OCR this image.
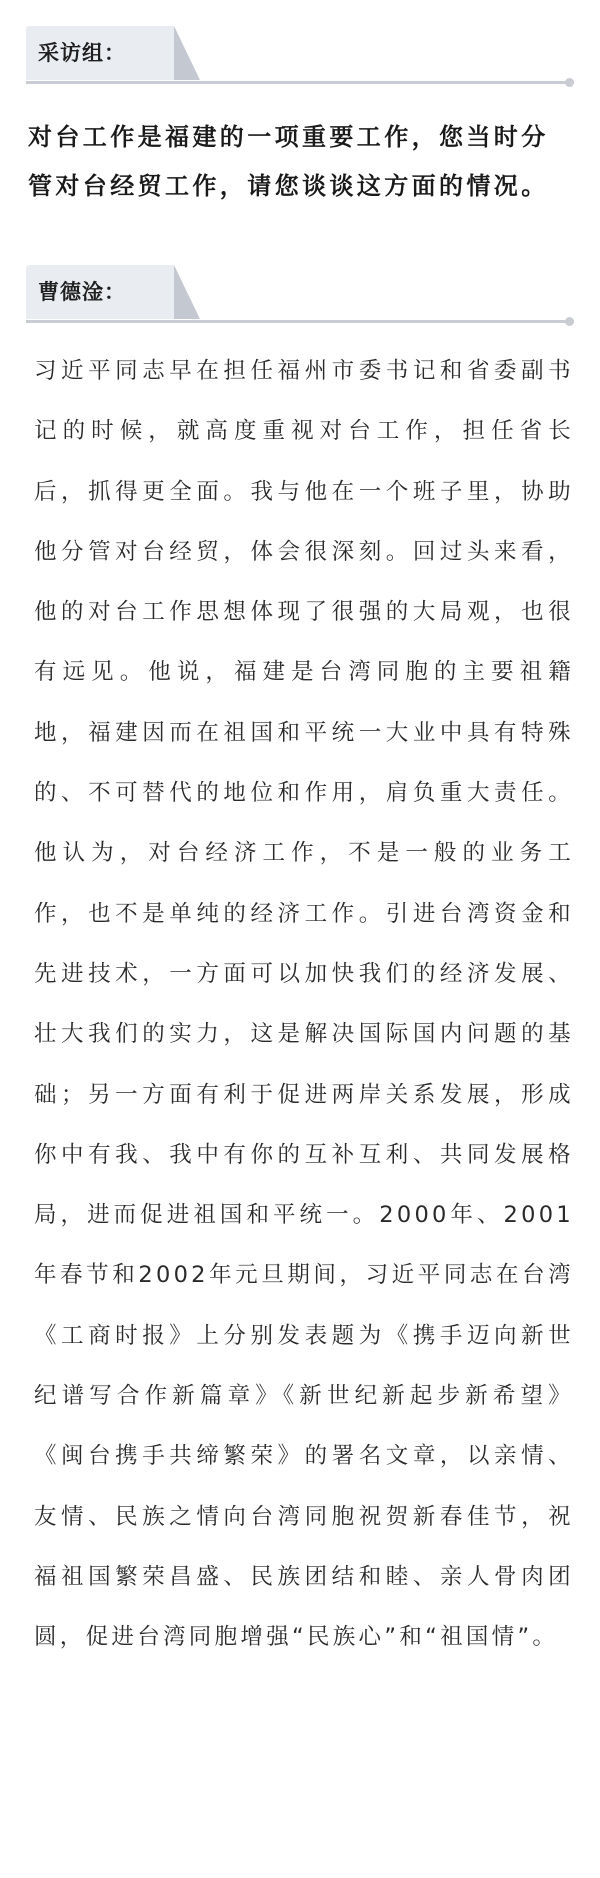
采访组：

对台工作是福建的一项重要工作，您当时分管对台经贸工作，请您谈谈这方面的情况。

曹德淦：

习近平同志早在担任福州市委书记和省委副书记的时候，就高度重视对台工作，担任省长后，抓得更全面。我与他在一个班子里，协助他分管对台经贸，体会很深刻。回过头来看，他的对台工作思想体现了很强的大局观，也很有远见。他说，福建是台湾同胞的主要祖籍地，福建因而在祖国和平统一大业中具有特殊的、不可替代的地位和作用，肩负重大责任。他认为，对台经济工作，不是一般的业务工作，也不是单纯的经济工作。引进台湾资金和先进技术，一方面可以加快我们的经济发展、壮大我们的实力，这是解决国际国内问题的基础；另一方面有利于促进两岸关系发展，形成你中有我、我中有你的互补互利、共同发展格局，进而促进祖国和平统一。2000年、2001年春节和2002年元旦期间，习近平同志在台湾《工商时报》上分别发表题为《携手迈向新世纪谱写合作新篇章》《新世纪新起步新希望》《闽台携手共缔繁荣》的署名文章，以亲情、友情、民族之情向台湾同胞祝贺新春佳节，祝福祖国繁荣昌盛、民族团结和睦、亲人骨肉团圆，促进台湾同胞增强“民族心”和“祖国情”。
